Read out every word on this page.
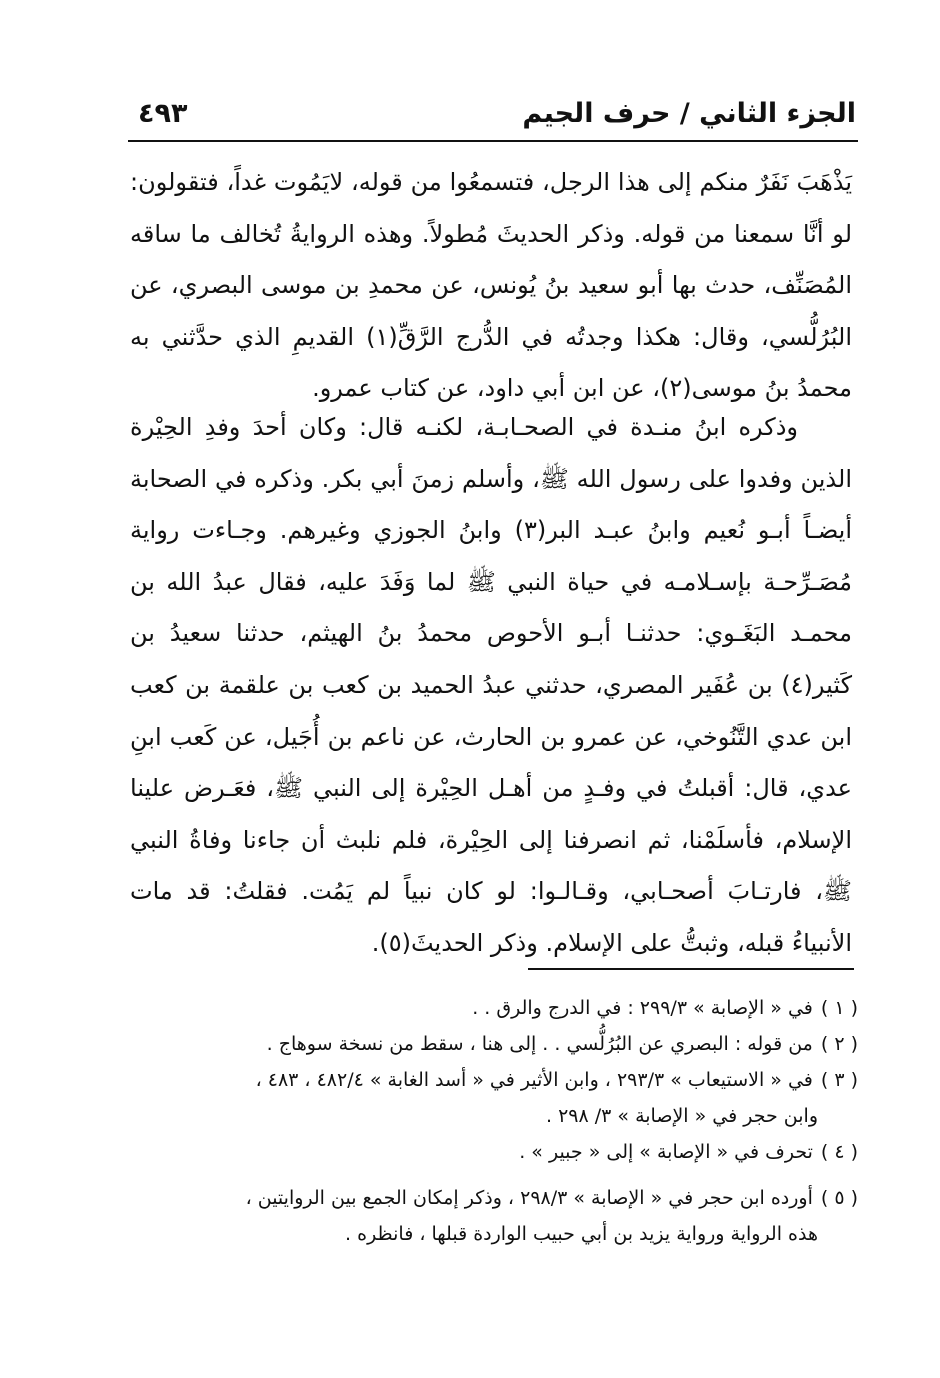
الجزء الثاني / حرف الجيم
٤٩٣
يَذْهَبَ نَفَرٌ منكم إلى هذا الرجل، فتسمعُوا من قوله، لايَمُوت غداً، فتقولون: لو أنَّا سمعنا من قوله. وذكر الحديثَ مُطولاً. وهذه الروايةُ تُخالف ما ساقه المُصَنِّف، حدث بها أبو سعيد بنُ يُونس، عن محمدِ بن موسى البصري، عن البُرُلُّسي، وقال: هكذا وجدتُه في الدُّرج الرَّقِّ(١) القديمِ الذي حدَّثني به محمدُ بنُ موسى(٢)، عن ابن أبي داود، عن كتاب عمرو.
وذكره ابنُ منـدة في الصحـابـة، لكنـه قال: وكان أحدَ وفدِ الحِيْرة الذين وفدوا على رسول الله ﷺ، وأسلم زمنَ أبي بكر. وذكره في الصحابة أيضـاً أبـو نُعيم وابنُ عبـد البر(٣) وابنُ الجوزي وغيرهم. وجـاءت رواية مُصَـرِّحـة بإسـلامـه في حياة النبي ﷺ لما وَفَدَ عليه، فقال عبدُ الله بن محمـد البَغَـوي: حدثنـا أبـو الأحوص محمدُ بنُ الهيثم، حدثنا سعيدُ بن كَثير(٤) بن عُفَير المصري، حدثني عبدُ الحميد بن كعب بن علقمة بن كعب ابن عدي التَّنُوخي، عن عمرو بن الحارث، عن ناعم بن أُجَيل، عن كَعب ابنِ عدي، قال: أقبلتُ في وفـدٍ من أهـل الحِيْرة إلى النبي ﷺ، فعَـرض علينا الإسلام، فأسلَمْنا، ثم انصرفنا إلى الحِيْرة، فلم نلبث أن جاءنا وفاةُ النبي ﷺ، فارتـابَ أصحـابي، وقـالـوا: لو كان نبياً لم يَمُت. فقلتُ: قد مات الأنبياءُ قبله، وثبتُّ على الإسلام. وذكر الحديثَ(٥).
( ١ )في « الإصابة » ٢٩٩/٣ : في الدرج والرق . .
( ٢ )من قوله : البصري عن البُرُلُّسي . . إلى هنا ، سقط من نسخة سوهاج .
( ٣ )في « الاستيعاب » ٢٩٣/٣ ، وابن الأثير في « أسد الغابة » ٤٨٢/٤ ، ٤٨٣ ،
وابن حجر في « الإصابة » ٣/ ٢٩٨ .
( ٤ )تحرف في « الإصابة » إلى « جبير » .
( ٥ )أورده ابن حجر في « الإصابة » ٢٩٨/٣ ، وذكر إمكان الجمع بين الروايتين ،
هذه الرواية ورواية يزيد بن أبي حبيب الواردة قبلها ، فانظره .
